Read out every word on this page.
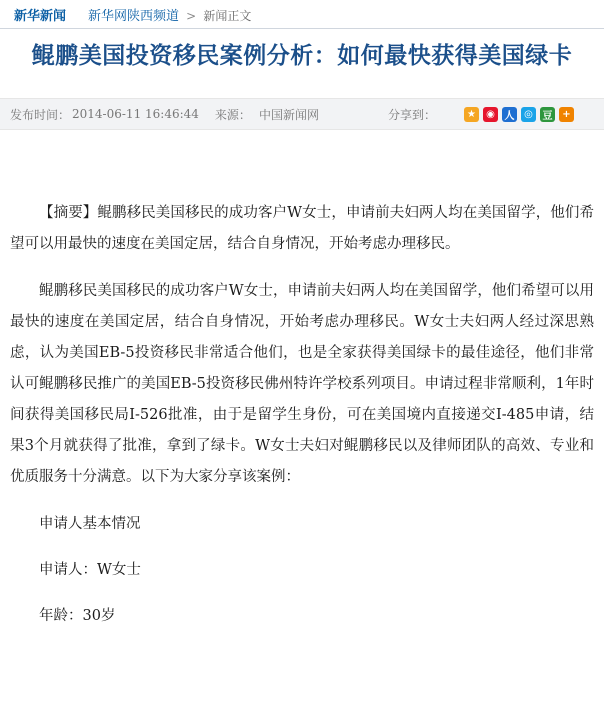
新华新闻 新华网陕西频道 > 新闻正文
鲲鹏美国投资移民案例分析：如何最快获得美国绿卡
发布时间： 2014-06-11 16:46:44 来源： 中国新闻网	分享到：	★	◉ 人 ◎ 豆 +

【摘要】鲲鹏移民美国移民的成功客户W女士，申请前夫妇两人均在美国留学，他们希望可以用最快的速度在美国定居，结合自身情况，开始考虑办理移民。

鲲鹏移民美国移民的成功客户W女士，申请前夫妇两人均在美国留学，他们希望可以用最快的速度在美国定居，结合自身情况，开始考虑办理移民。W女士夫妇两人经过深思熟虑，认为美国EB-5投资移民非常适合他们，也是全家获得美国绿卡的最佳途径，他们非常认可鲲鹏移民推广的美国EB-5投资移民佛州特许学校系列项目。申请过程非常顺利，1年时间获得美国移民局I-526批准，由于是留学生身份，可在美国境内直接递交I-485申请，结果3个月就获得了批准，拿到了绿卡。W女士夫妇对鲲鹏移民以及律师团队的高效、专业和优质服务十分满意。以下为大家分享该案例：

申请人基本情况

申请人：W女士

年龄：30岁
